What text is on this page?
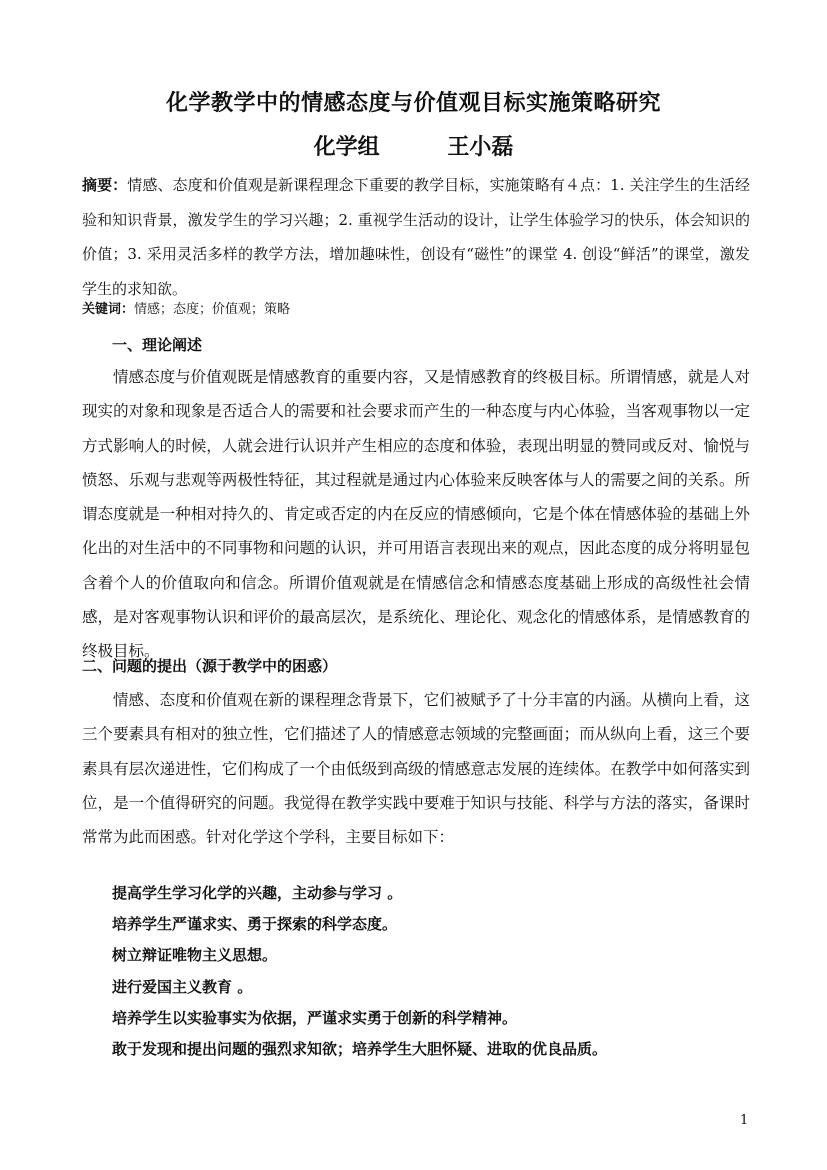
化学教学中的情感态度与价值观目标实施策略研究
化学组	王小磊
摘要：情感、态度和价值观是新课程理念下重要的教学目标，实施策略有４点：1. 关注学生的生活经验和知识背景，激发学生的学习兴趣；2. 重视学生活动的设计，让学生体验学习的快乐，体会知识的价值；3. 采用灵活多样的教学方法，增加趣味性，创设有“磁性”的课堂 4. 创设“鲜活”的课堂，激发学生的求知欲。
关键词：情感；态度；价值观；策略
一、理论阐述
情感态度与价值观既是情感教育的重要内容，又是情感教育的终极目标。所谓情感，就是人对现实的对象和现象是否适合人的需要和社会要求而产生的一种态度与内心体验，当客观事物以一定方式影响人的时候，人就会进行认识并产生相应的态度和体验，表现出明显的赞同或反对、愉悦与愤怒、乐观与悲观等两极性特征，其过程就是通过内心体验来反映客体与人的需要之间的关系。所谓态度就是一种相对持久的、肯定或否定的内在反应的情感倾向，它是个体在情感体验的基础上外化出的对生活中的不同事物和问题的认识，并可用语言表现出来的观点，因此态度的成分将明显包含着个人的价值取向和信念。所谓价值观就是在情感信念和情感态度基础上形成的高级性社会情感，是对客观事物认识和评价的最高层次，是系统化、理论化、观念化的情感体系，是情感教育的终极目标。
二、问题的提出（源于教学中的困惑）
情感、态度和价值观在新的课程理念背景下，它们被赋予了十分丰富的内涵。从横向上看，这三个要素具有相对的独立性，它们描述了人的情感意志领域的完整画面；而从纵向上看，这三个要素具有层次递进性，它们构成了一个由低级到高级的情感意志发展的连续体。在教学中如何落实到位，是一个值得研究的问题。我觉得在教学实践中要难于知识与技能、科学与方法的落实，备课时常常为此而困惑。针对化学这个学科，主要目标如下：
提高学生学习化学的兴趣，主动参与学习 。
培养学生严谨求实、勇于探索的科学态度。
树立辩证唯物主义思想。
进行爱国主义教育 。
培养学生以实验事实为依据，严谨求实勇于创新的科学精神。
敢于发现和提出问题的强烈求知欲；培养学生大胆怀疑、进取的优良品质。
1
